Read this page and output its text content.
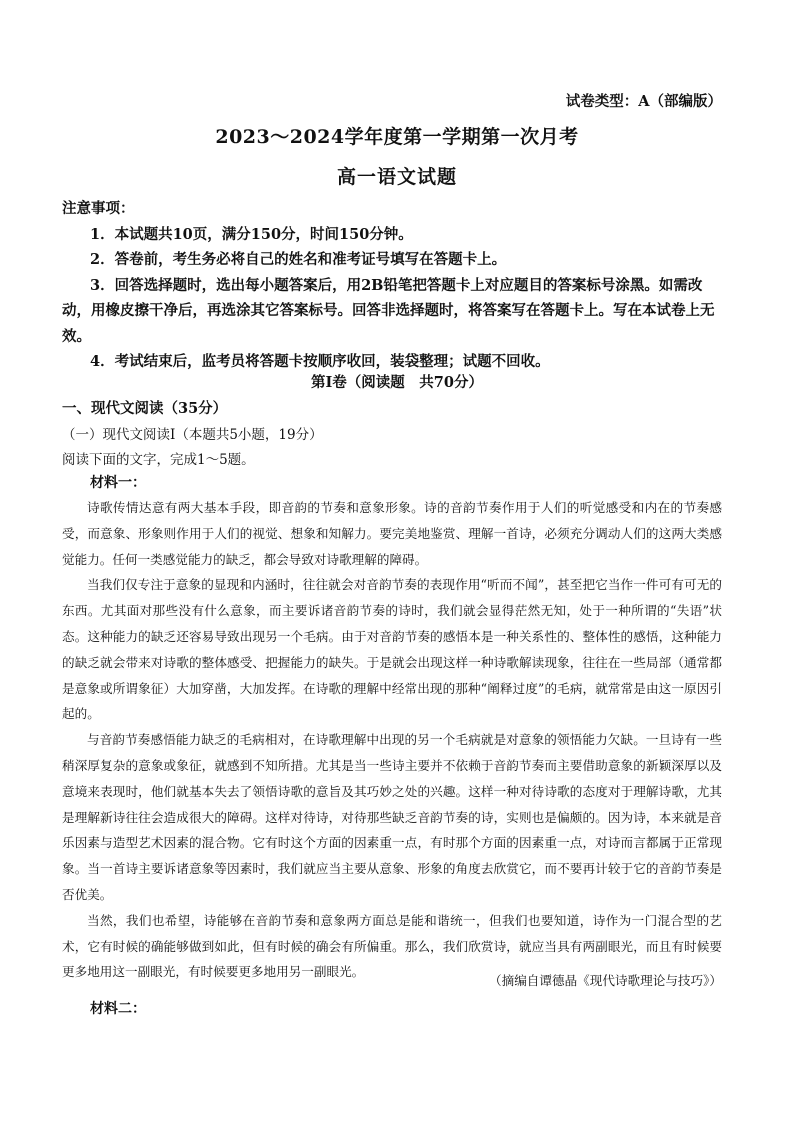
试卷类型：A（部编版）
2023～2024学年度第一学期第一次月考
高一语文试题

注意事项：

1．本试题共10页，满分150分，时间150分钟。

2．答卷前，考生务必将自己的姓名和准考证号填写在答题卡上。

3．回答选择题时，选出每小题答案后，用2B铅笔把答题卡上对应题目的答案标号涂黑。如需改动，用橡皮擦干净后，再选涂其它答案标号。回答非选择题时，将答案写在答题卡上。写在本试卷上无效。

4．考试结束后，监考员将答题卡按顺序收回，装袋整理；试题不回收。

第Ⅰ卷（阅读题　共70分）
一、现代文阅读（35分）
（一）现代文阅读Ⅰ（本题共5小题，19分）
阅读下面的文字，完成1～5题。
材料一：

诗歌传情达意有两大基本手段，即音韵的节奏和意象形象。诗的音韵节奏作用于人们的听觉感受和内在的节奏感受，而意象、形象则作用于人们的视觉、想象和知解力。要完美地鉴赏、理解一首诗，必须充分调动人们的这两大类感觉能力。任何一类感觉能力的缺乏，都会导致对诗歌理解的障碍。

当我们仅专注于意象的显现和内涵时，往往就会对音韵节奏的表现作用“听而不闻”，甚至把它当作一件可有可无的东西。尤其面对那些没有什么意象，而主要诉诸音韵节奏的诗时，我们就会显得茫然无知，处于一种所谓的“失语”状态。这种能力的缺乏还容易导致出现另一个毛病。由于对音韵节奏的感悟本是一种关系性的、整体性的感悟，这种能力的缺乏就会带来对诗歌的整体感受、把握能力的缺失。于是就会出现这样一种诗歌解读现象，往往在一些局部（通常都是意象或所谓象征）大加穿凿，大加发挥。在诗歌的理解中经常出现的那种“阐释过度”的毛病，就常常是由这一原因引起的。

与音韵节奏感悟能力缺乏的毛病相对，在诗歌理解中出现的另一个毛病就是对意象的领悟能力欠缺。一旦诗有一些稍深厚复杂的意象或象征，就感到不知所措。尤其是当一些诗主要并不依赖于音韵节奏而主要借助意象的新颖深厚以及意境来表现时，他们就基本失去了领悟诗歌的意旨及其巧妙之处的兴趣。这样一种对待诗歌的态度对于理解诗歌，尤其是理解新诗往往会造成很大的障碍。这样对待诗，对待那些缺乏音韵节奏的诗，实则也是偏颇的。因为诗，本来就是音乐因素与造型艺术因素的混合物。它有时这个方面的因素重一点，有时那个方面的因素重一点，对诗而言都属于正常现象。当一首诗主要诉诸意象等因素时，我们就应当主要从意象、形象的角度去欣赏它，而不要再计较于它的音韵节奏是否优美。

当然，我们也希望，诗能够在音韵节奏和意象两方面总是能和谐统一，但我们也要知道，诗作为一门混合型的艺术，它有时候的确能够做到如此，但有时候的确会有所偏重。那么，我们欣赏诗，就应当具有两副眼光，而且有时候要更多地用这一副眼光，有时候要更多地用另一副眼光。

（摘编自谭德晶《现代诗歌理论与技巧》）
材料二：
